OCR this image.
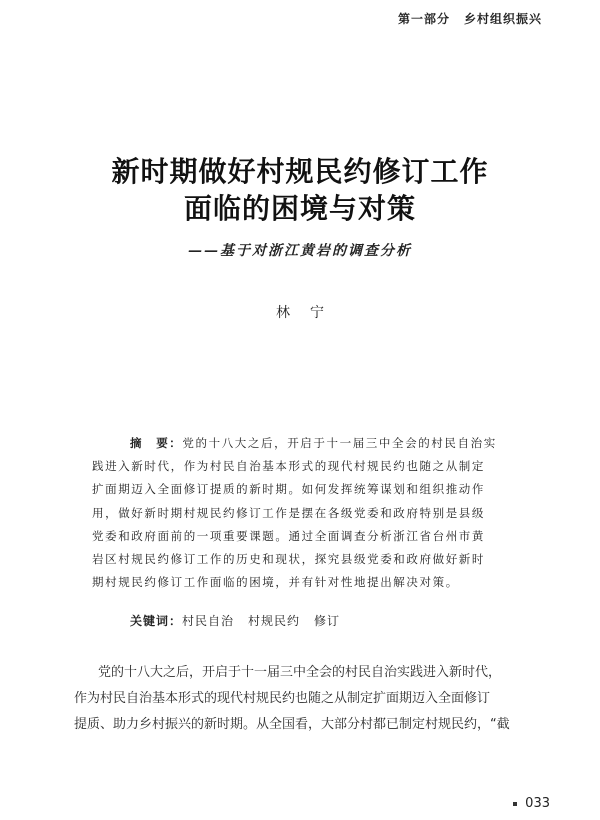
第一部分 乡村组织振兴
新时期做好村规民约修订工作
面临的困境与对策
——基于对浙江黄岩的调查分析
林宁
摘　要：党的十八大之后，开启于十一届三中全会的村民自治实
践进入新时代，作为村民自治基本形式的现代村规民约也随之从制定
扩面期迈入全面修订提质的新时期。如何发挥统筹谋划和组织推动作
用，做好新时期村规民约修订工作是摆在各级党委和政府特别是县级
党委和政府面前的一项重要课题。通过全面调查分析浙江省台州市黄
岩区村规民约修订工作的历史和现状，探究县级党委和政府做好新时
期村规民约修订工作面临的困境，并有针对性地提出解决对策。
关键词：村民自治 村规民约 修订
党的十八大之后，开启于十一届三中全会的村民自治实践进入新时代，
作为村民自治基本形式的现代村规民约也随之从制定扩面期迈入全面修订
提质、助力乡村振兴的新时期。从全国看，大部分村都已制定村规民约，“截
033
